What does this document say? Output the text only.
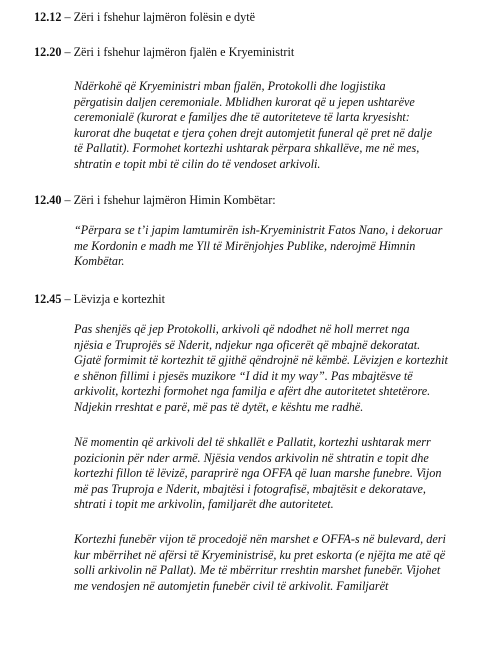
12.12 – Zëri i fshehur lajmëron folësin e dytë
12.20 – Zëri i fshehur lajmëron fjalën e Kryeministrit
Ndërkohë që Kryeministri mban fjalën, Protokolli dhe logjistika
përgatisin daljen ceremoniale. Mblidhen kurorat që u jepen ushtarëve
ceremonialë (kurorat e familjes dhe të autoriteteve të larta kryesisht:
kurorat dhe buqetat e tjera çohen drejt automjetit funeral që pret në dalje
të Pallatit). Formohet kortezhi ushtarak përpara shkallëve, me në mes,
shtratin e topit mbi të cilin do të vendoset arkivoli.
12.40 – Zëri i fshehur lajmëron Himin Kombëtar:
“Përpara se t’i japim lamtumirën ish-Kryeministrit Fatos Nano, i dekoruar
me Kordonin e madh me Yll të Mirënjohjes Publike, nderojmë Himnin
Kombëtar.
12.45 – Lëvizja e kortezhit
Pas shenjës që jep Protokolli, arkivoli që ndodhet në holl merret nga
njësia e Truprojës së Nderit, ndjekur nga oficerët që mbajnë dekoratat.
Gjatë formimit të kortezhit të gjithë qëndrojnë në këmbë. Lëvizjen e kortezhit
e shënon fillimi i pjesës muzikore “I did it my way”. Pas mbajtësve të
arkivolit, kortezhi formohet nga familja e afërt dhe autoritetet shtetërore.
Ndjekin rreshtat e parë, më pas të dytët, e kështu me radhë.
Në momentin që arkivoli del të shkallët e Pallatit, kortezhi ushtarak merr
pozicionin për nder armë. Njësia vendos arkivolin në shtratin e topit dhe
kortezhi fillon të lëvizë, paraprirë nga OFFA që luan marshe funebre. Vijon
më pas Truproja e Nderit, mbajtësi i fotografisë, mbajtësit e dekoratave,
shtrati i topit me arkivolin, familjarët dhe autoritetet.
Kortezhi funebër vijon të procedojë nën marshet e OFFA-s në bulevard, deri
kur mbërrihet në afërsi të Kryeministrisë, ku pret eskorta (e njëjta me atë që
solli arkivolin në Pallat). Me të mbërritur rreshtin marshet funebër. Vijohet
me vendosjen në automjetin funebër civil të arkivolit. Familjarët
